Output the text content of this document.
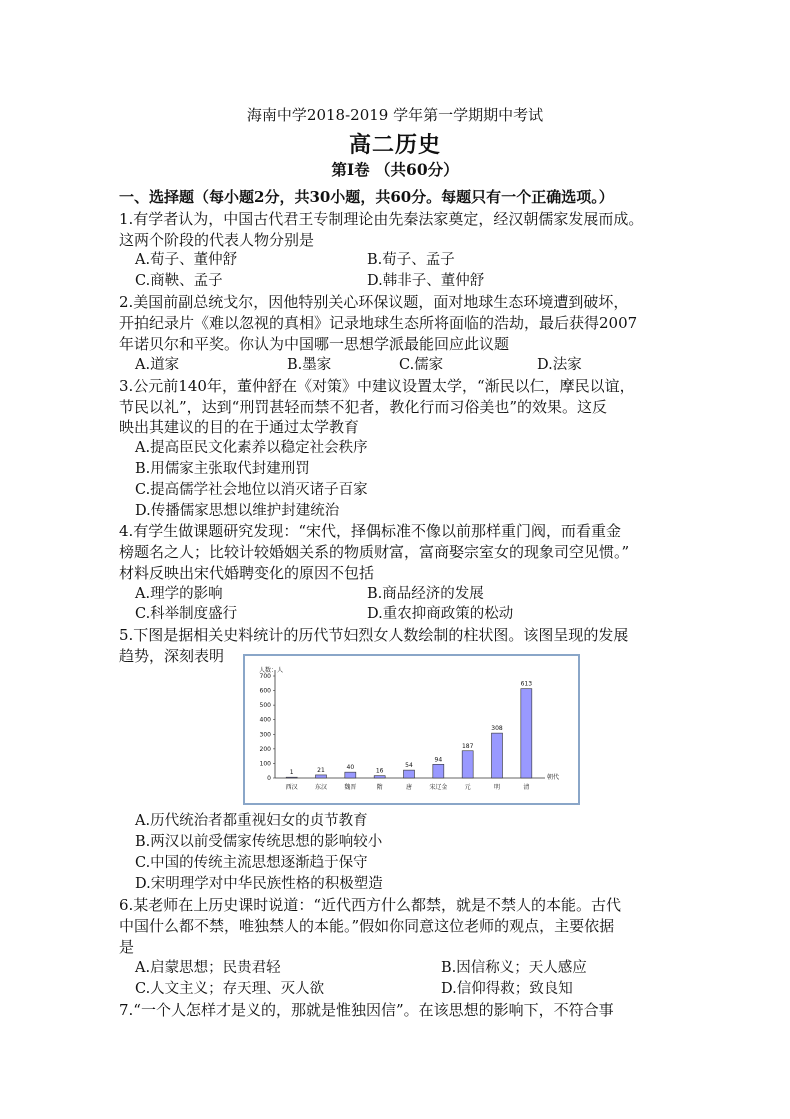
海南中学2018-2019 学年第一学期期中考试
高二历史
第Ⅰ卷 （共60分）
一、选择题（每小题2分，共30小题，共60分。每题只有一个正确选项。）
1.有学者认为，中国古代君王专制理论由先秦法家奠定，经汉朝儒家发展而成。
这两个阶段的代表人物分别是
A.荀子、董仲舒	B.荀子、孟子
C.商鞅、孟子	D.韩非子、董仲舒
2.美国前副总统戈尔，因他特别关心环保议题，面对地球生态环境遭到破坏，
开拍纪录片《难以忽视的真相》记录地球生态所将面临的浩劫，最后获得2007
年诺贝尔和平奖。你认为中国哪一思想学派最能回应此议题
A.道家	B.墨家	C.儒家	D.法家
3.公元前140年，董仲舒在《对策》中建议设置太学，“渐民以仁，摩民以谊，
节民以礼”，达到“刑罚甚轻而禁不犯者，教化行而习俗美也”的效果。这反
映出其建议的目的在于通过太学教育
A.提高臣民文化素养以稳定社会秩序
B.用儒家主张取代封建刑罚
C.提高儒学社会地位以消灭诸子百家
D.传播儒家思想以维护封建统治
4.有学生做课题研究发现：“宋代，择偶标准不像以前那样重门阀，而看重金
榜题名之人；比较计较婚姻关系的物质财富，富商娶宗室女的现象司空见惯。”
材料反映出宋代婚聘变化的原因不包括
A.理学的影响	B.商品经济的发展
C.科举制度盛行	D.重农抑商政策的松动
5.下图是据相关史料统计的历代节妇烈女人数绘制的柱状图。该图呈现的发展
趋势，深刻表明
人数：人
0
100
200
300
400
500
600
700
1
西汉
21
东汉
40
魏晋
16
隋
54
唐
94
宋辽金
187
元
308
明
613
清
朝代
A.历代统治者都重视妇女的贞节教育
B.两汉以前受儒家传统思想的影响较小
C.中国的传统主流思想逐渐趋于保守
D.宋明理学对中华民族性格的积极塑造
6.某老师在上历史课时说道：“近代西方什么都禁，就是不禁人的本能。古代
中国什么都不禁，唯独禁人的本能。”假如你同意这位老师的观点，主要依据
是
A.启蒙思想；民贵君轻	B.因信称义；天人感应
C.人文主义；存天理、灭人欲	D.信仰得救；致良知
7.“一个人怎样才是义的，那就是惟独因信”。在该思想的影响下，不符合事
